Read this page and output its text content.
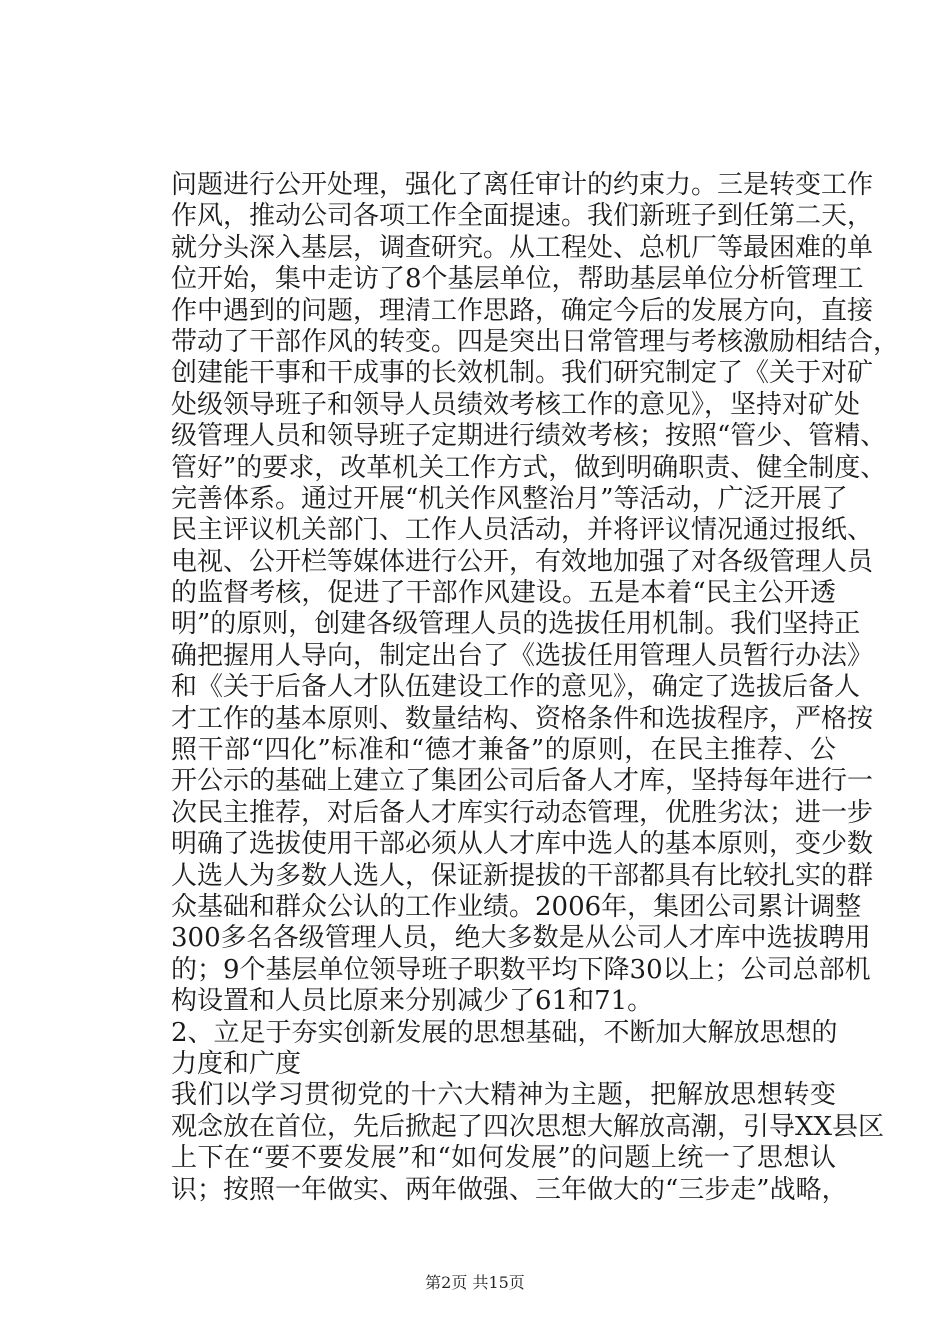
问题进行公开处理，强化了离任审计的约束力。三是转变工作
作风，推动公司各项工作全面提速。我们新班子到任第二天，
就分头深入基层，调查研究。从工程处、总机厂等最困难的单
位开始，集中走访了8个基层单位，帮助基层单位分析管理工
作中遇到的问题，理清工作思路，确定今后的发展方向，直接
带动了干部作风的转变。四是突出日常管理与考核激励相结合，
创建能干事和干成事的长效机制。我们研究制定了《关于对矿
处级领导班子和领导人员绩效考核工作的意见》，坚持对矿处
级管理人员和领导班子定期进行绩效考核；按照“管少、管精、
管好”的要求，改革机关工作方式，做到明确职责、健全制度、
完善体系。通过开展“机关作风整治月”等活动，广泛开展了
民主评议机关部门、工作人员活动，并将评议情况通过报纸、
电视、公开栏等媒体进行公开，有效地加强了对各级管理人员
的监督考核，促进了干部作风建设。五是本着“民主公开透
明”的原则，创建各级管理人员的选拔任用机制。我们坚持正
确把握用人导向，制定出台了《选拔任用管理人员暂行办法》
和《关于后备人才队伍建设工作的意见》，确定了选拔后备人
才工作的基本原则、数量结构、资格条件和选拔程序，严格按
照干部“四化”标准和“德才兼备”的原则，在民主推荐、公
开公示的基础上建立了集团公司后备人才库，坚持每年进行一
次民主推荐，对后备人才库实行动态管理，优胜劣汰；进一步
明确了选拔使用干部必须从人才库中选人的基本原则，变少数
人选人为多数人选人，保证新提拔的干部都具有比较扎实的群
众基础和群众公认的工作业绩。2006年，集团公司累计调整
300多名各级管理人员，绝大多数是从公司人才库中选拔聘用
的；9个基层单位领导班子职数平均下降30以上；公司总部机
构设置和人员比原来分别减少了61和71。
2、立足于夯实创新发展的思想基础，不断加大解放思想的
力度和广度
我们以学习贯彻党的十六大精神为主题，把解放思想转变
观念放在首位，先后掀起了四次思想大解放高潮，引导XX县区
上下在“要不要发展”和“如何发展”的问题上统一了思想认
识；按照一年做实、两年做强、三年做大的“三步走”战略，
第2页 共15页
